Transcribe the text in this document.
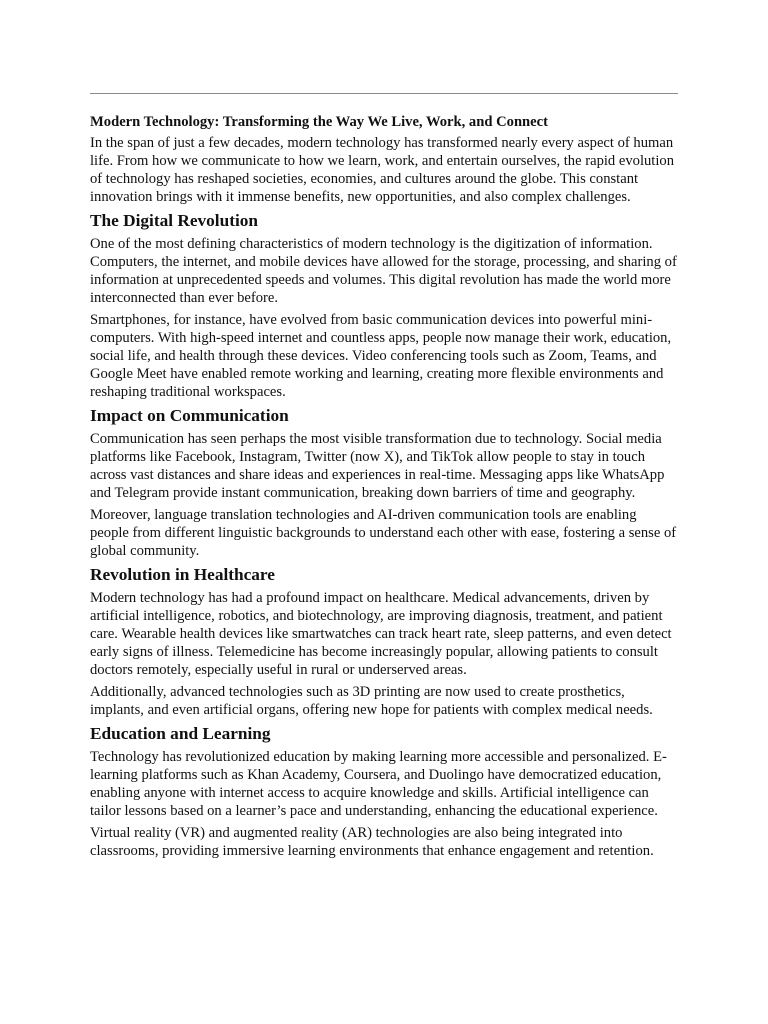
Modern Technology: Transforming the Way We Live, Work, and Connect

In the span of just a few decades, modern technology has transformed nearly every aspect of human life. From how we communicate to how we learn, work, and entertain ourselves, the rapid evolution of technology has reshaped societies, economies, and cultures around the globe. This constant innovation brings with it immense benefits, new opportunities, and also complex challenges.

The Digital Revolution

One of the most defining characteristics of modern technology is the digitization of information. Computers, the internet, and mobile devices have allowed for the storage, processing, and sharing of information at unprecedented speeds and volumes. This digital revolution has made the world more interconnected than ever before.

Smartphones, for instance, have evolved from basic communication devices into powerful mini-computers. With high-speed internet and countless apps, people now manage their work, education, social life, and health through these devices. Video conferencing tools such as Zoom, Teams, and Google Meet have enabled remote working and learning, creating more flexible environments and reshaping traditional workspaces.

Impact on Communication

Communication has seen perhaps the most visible transformation due to technology. Social media platforms like Facebook, Instagram, Twitter (now X), and TikTok allow people to stay in touch across vast distances and share ideas and experiences in real-time. Messaging apps like WhatsApp and Telegram provide instant communication, breaking down barriers of time and geography.

Moreover, language translation technologies and AI-driven communication tools are enabling people from different linguistic backgrounds to understand each other with ease, fostering a sense of global community.

Revolution in Healthcare

Modern technology has had a profound impact on healthcare. Medical advancements, driven by artificial intelligence, robotics, and biotechnology, are improving diagnosis, treatment, and patient care. Wearable health devices like smartwatches can track heart rate, sleep patterns, and even detect early signs of illness. Telemedicine has become increasingly popular, allowing patients to consult doctors remotely, especially useful in rural or underserved areas.

Additionally, advanced technologies such as 3D printing are now used to create prosthetics, implants, and even artificial organs, offering new hope for patients with complex medical needs.

Education and Learning

Technology has revolutionized education by making learning more accessible and personalized. E-learning platforms such as Khan Academy, Coursera, and Duolingo have democratized education, enabling anyone with internet access to acquire knowledge and skills. Artificial intelligence can tailor lessons based on a learner’s pace and understanding, enhancing the educational experience.

Virtual reality (VR) and augmented reality (AR) technologies are also being integrated into classrooms, providing immersive learning environments that enhance engagement and retention.
